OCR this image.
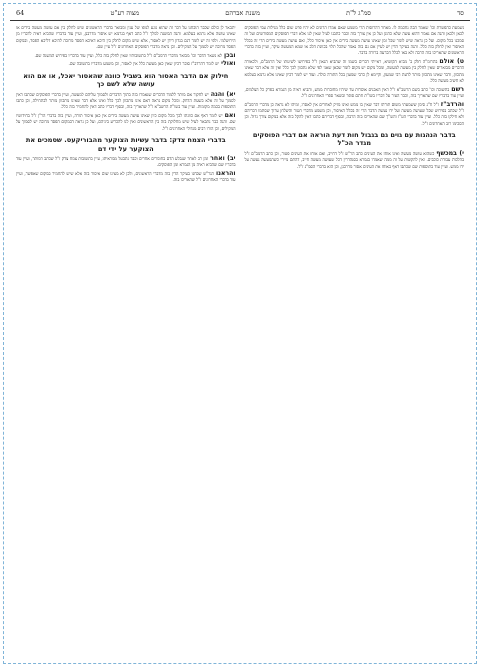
סד
סמ"ג ל"ת
משנת אברהם
מצוה רע"ט
64

נשמעת כהפשרת וכו' שאמר הבה נחכמה לו. מאחר דהרוסות הרי משמע שאם אמרו הרוגים לא יהיו פרט שום כלל מגילות עמי הפוסקים לכאן ולכאן והנה אם נאמר דהוא עשה שלא כהוגן ועל כן אין צורך בזה וכבר כתבנו לעיל שאין לנו אלא דברי הפוסקים המפורשים ועל זה סמכנו בכל מקום. ועל כן נראה שיש לומר שכל זמן שאינו עושה מעשה בידים אין כאן איסור כלל, ואם עושה מעשה בידים הרי זה בכלל האיסור ואין לחלק בזה כלל. והנה בעיקר הדין יש לעיין אם גם בזה נאמר שהכל תלוי בכוונת הלב או שמא המעשה עיקר, ועיין בזה בדברי הראשונים שהאריכו בזה הרבה ולא באו לכלל הכרעה ברורה בדבר.

ט) אולםבתרומ"ה חלק ב' מביא הקושיא, ראייתי דברים בשמו זה שהביא הגאון ז"ל בפירושו לשיטתו של הרמב"ם, ולכאורה הדברים מבוארים שאין לחלק בין מעשה למעשה, ומכל מקום יש מקום לומר שכאן שאני לפי שלא נתכוון לכך כלל ואין זה אלא דבר שאינו מתכוון, ודבר שאינו מתכוון מותר לדעת רבי שמעון, וקיימא לן כרבי שמעון בכל התורה כולה. ועוד יש לומר דכיון שאינו אלא גרמא בעלמא לא חשיב מעשה כלל.

רשםבתשובה וכו' כתב בשם הרשב"א ז"ל דאין האבנים אוסרות עד שיהיו מחוברות ממש, והביא ראיה מן הגמרא בפרק כל הצלמים, ועיין עוד בדבריו שם שהאריך בזה, וכבר העיר על דבריו בשו"ת חתם סופר ובשאר ספרי האחרונים ז"ל.

והרדב"זז"ל ח"ג סימן ששמעתי משום תורתו דבר שאין בו ממש ואינו מזיק לאחרים אין לאסרו, ומיהו לא נראה כן מדברי הרמב"ם ז"ל שכתב בפירוש שכל שעושה מעשה ועל ידו נעשה הדבר הרי זה בכלל האיסור, וכן משמע מדברי הטור והשלחן ערוך שסתמו דבריהם ולא חילקו בזה כלל. ועיין עוד בדברי הט"ז והש"ך שם שהאריכו בזה הרבה, ובסוף דבריהם כתבו דאין להקל בזה אלא במקום צורך גדול. וכן הסכימו רוב האחרונים ז"ל.

בדבר הנהגות עם גוים גם בגבול חות דעת הוראה אם דברי הפוסקים מגדר הכ"ל

י) במכשףכשהוא עושה מעשה ואינו אוחז את העינים כתב הר"ש ז"ל דחייב, ואם אוחז את העינים פטור, וכן כתב הרמב"ם ז"ל בהלכות עבודת כוכבים. ואין להקשות על זה ממה שאמרו בגמרא בסנהדרין דכל שעושה מעשה חייב, דהתם מיירי כשהמעשה נעשה על ידו ממש. ועיין עוד בתוספות שם שכתבו דאף באוחז את העינים אסור מדרבנן, וכן הוא בדברי הסמ"ג ז"ל.

יתבאר לן כולם שכבר הוכחנו על דבר זה שהוא נוגע לגופו של ענין ומבואר בדברי הראשונים שיש לחלק בין אם עושה מעשה בידים או שאינו עושה אלא גרמא בעלמא. והנה המשנה למלך ז"ל כתב דאף בגרמא יש איסור מדרבנן, ועיין עוד בדבריו שהביא ראיה לדבריו מן הירושלמי. ולפי זה יש לומר דגם בנדון דידן יש לאסור, אלא שיש מקום לחלק בין היכא דאיכא הפסד מרובה להיכא דליכא הפסד, ובמקום הפסד מרובה יש לסמוך על המקילים. וכן נראה מדברי הפוסקים האחרונים ז"ל עיין שם.

ובכןלא נשאר הדבר וכו' מבואר מדברי הרמב"ם ז"ל בתשובותיו שאין לחלק בזה כלל, ועיין עוד בדבריו בפירוש המשנה שם.

ואולייש לומר דהרדב"ז סובר דכיון שאין כאן מעשה כלל אין לאסור, וכן משמע מדבריו בתשובה שם.

חילוק אם הדבר האסור הוא בשביל כוונה שהאסור יאכל, או אם הוא עושה שלא לשם כך

יא) והנהיש לחקור אם מותר ללמוד הדברים שנאמרו בזה בתוך הדברים ולסמוך עליהם למעשה, ועיין בדברי הפוסקים שכתבו דאין לסמוך על זה אלא בשעת הדחק. ומכל מקום נראה דאם אינו מתכוון לכך כלל ואינו אלא דבר שאינו מתכוון מותר לכתחילה, וכן כתבו התוספות בכמה מקומות. ועיין עוד בשו"ת הרשב"א ז"ל שהאריך בזה, ובסוף דבריו כתב דאין להחמיר בזה כלל.

ואםיש לומר דאף אם כוונתו לכך מכל מקום כיון שאינו עושה מעשה בידים אין כאן איסור תורה, ועיין בזה בדברי הר"ן ז"ל בחידושיו שם. והנה כבר נתבאר לעיל שיש מחלוקת בזה בין הראשונים ואין לנו להכריע ביניהם, ועל כן נראה דבמקום הפסד מרובה יש לסמוך על המקילים, וכן הורו רבים מגדולי האחרונים ז"ל.

בדברי הצמח צדק: בדבר עשיות הצוקער מהבוריקעס. שסמכים את הצוקער על ידי דם

יב) ואחרזמן רב לאחר שנבלע הדם בחומרים אחרים וכבר נתבטל ממראיתו, עיין בתשובות צמח צדק ז"ל שכתב דמותר, ועיין עוד בדבריו שם שהביא ראיה מן הגמרא ומן הפוסקים.

והראנוהגר"ש שבחנו בעיקר הדין בזה מדברי הראשונים, ולכן לא מצינו שום איסור בזה אלא שיש להחמיר במקום שאפשר, ועיין עוד בדברי האחרונים ז"ל שהאריכו בזה.
